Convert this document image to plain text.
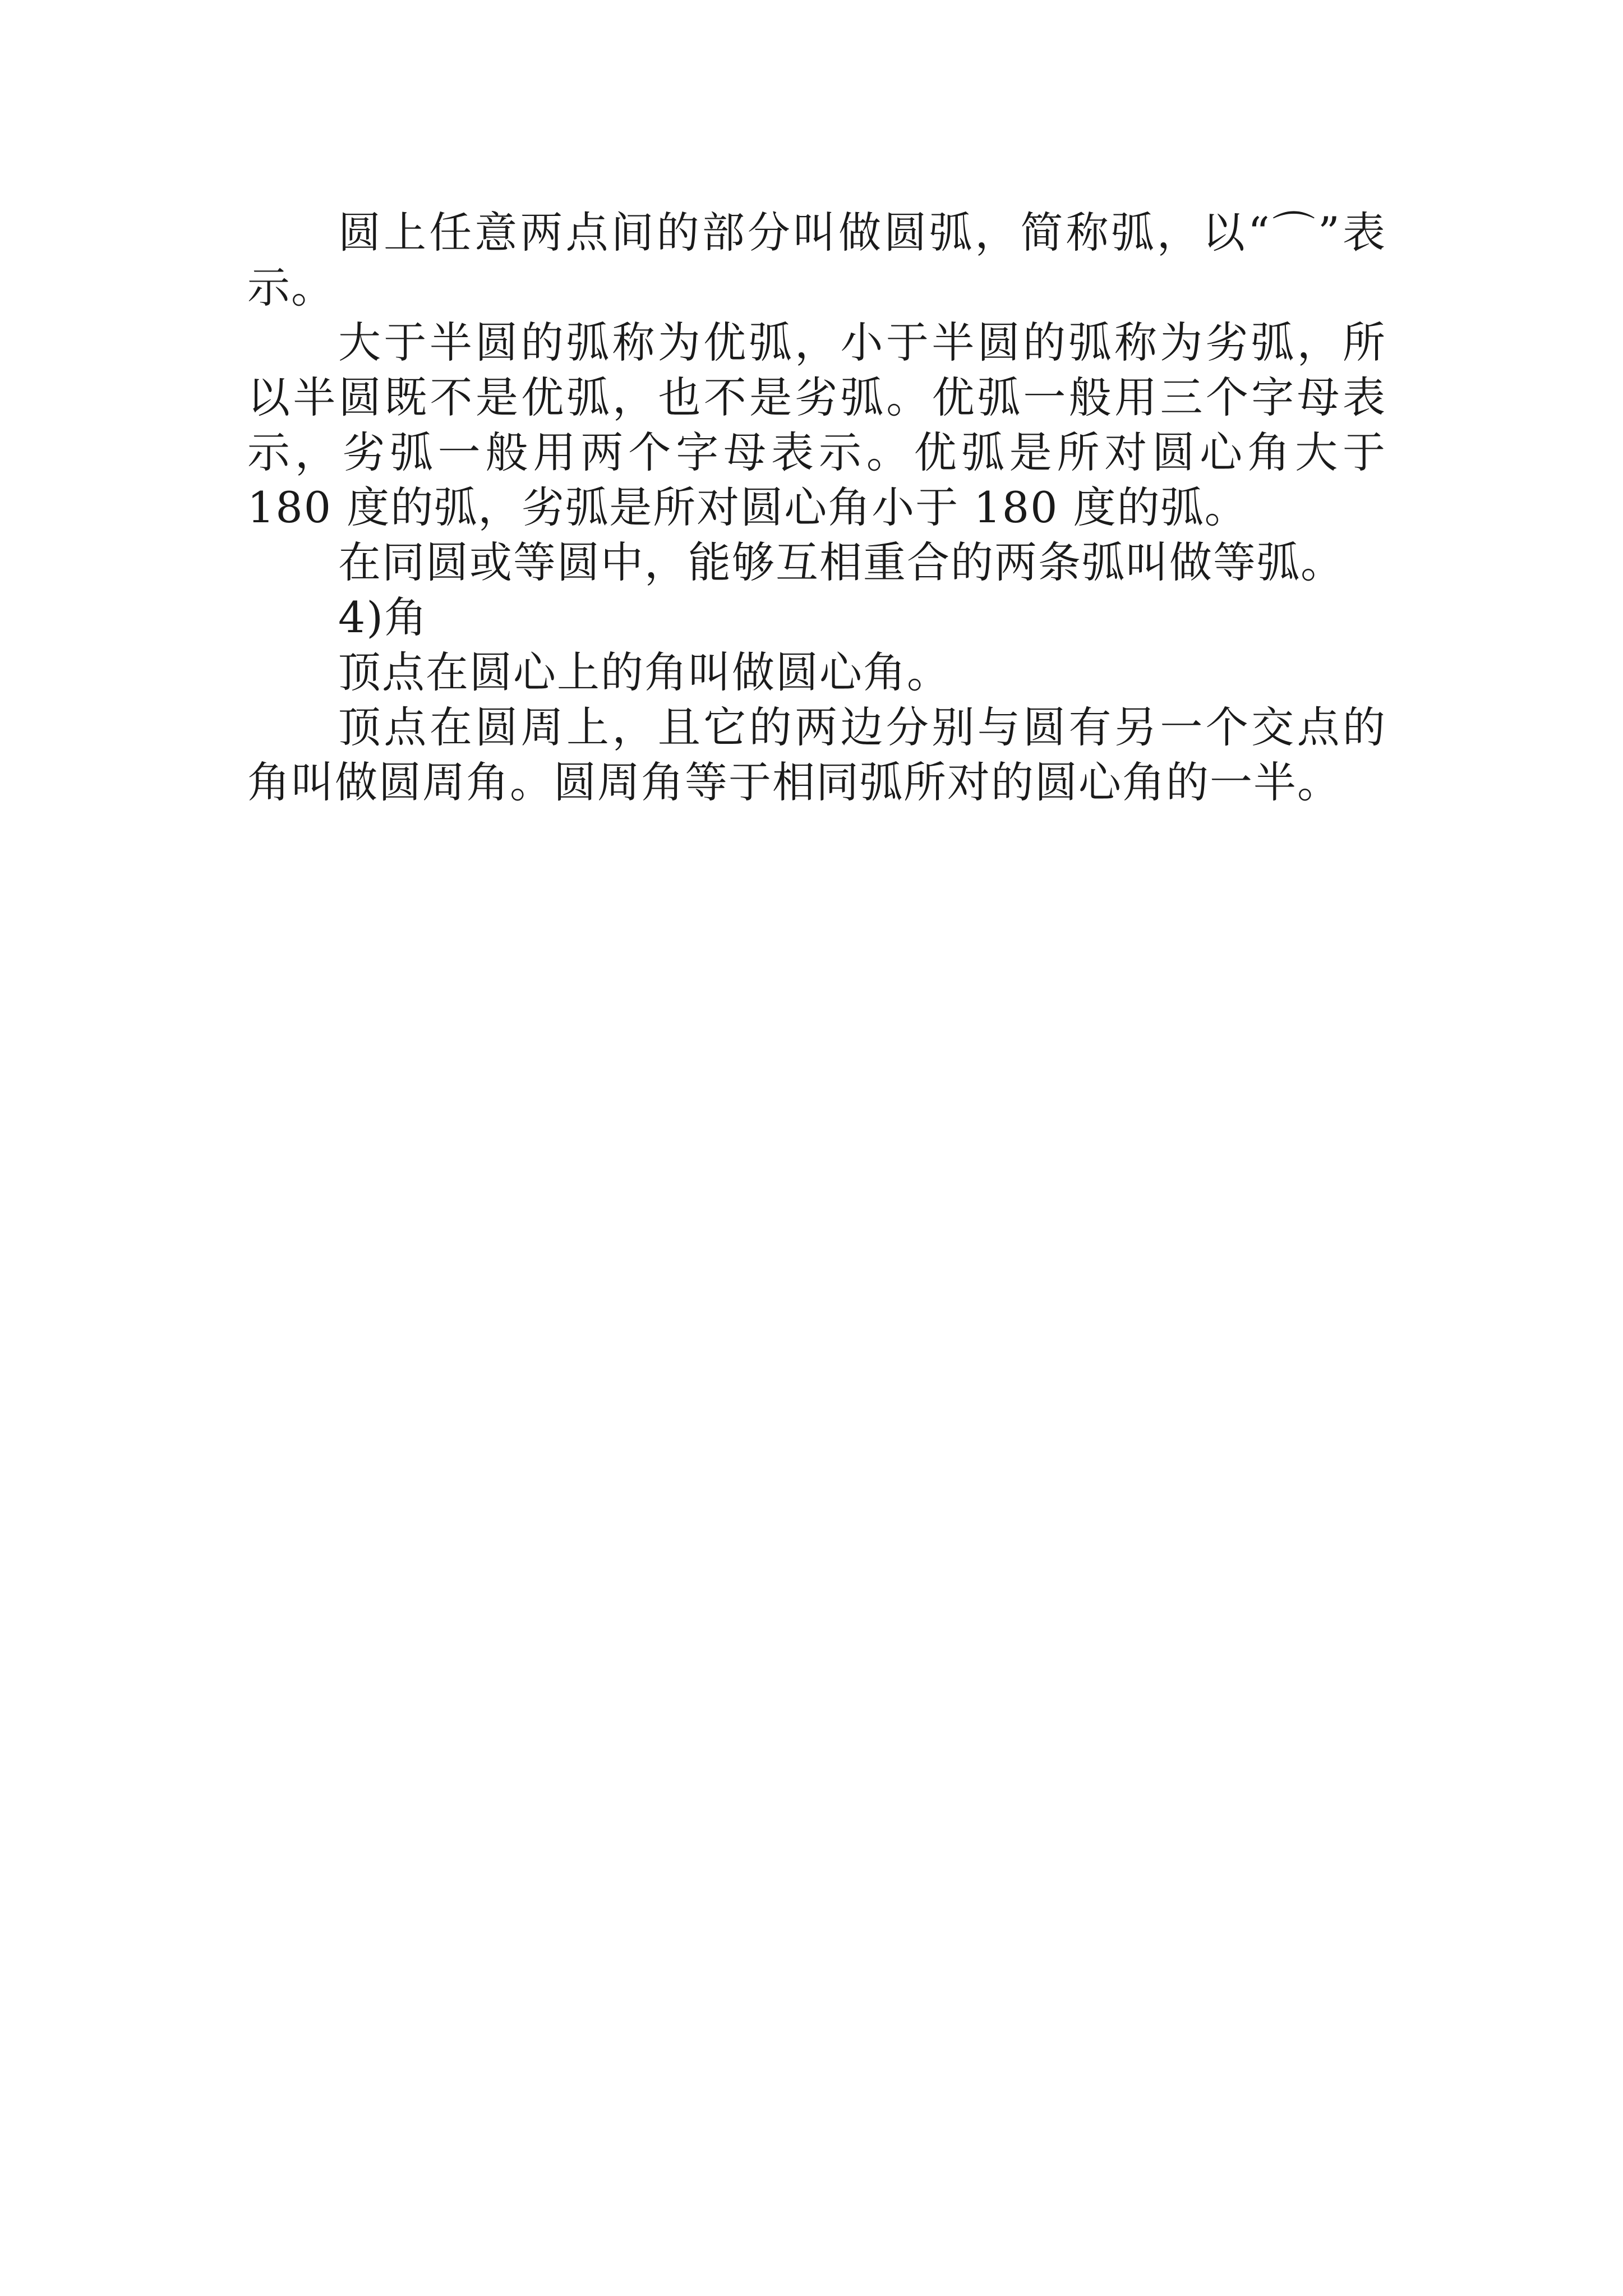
圆上任意两点间的部分叫做圆弧，简称弧，以“⌒”表示。

大于半圆的弧称为优弧，小于半圆的弧称为劣弧，所以半圆既不是优弧，也不是劣弧。优弧一般用三个字母表示，劣弧一般用两个字母表示。优弧是所对圆心角大于 180 度的弧，劣弧是所对圆心角小于 180 度的弧。

在同圆或等圆中，能够互相重合的两条弧叫做等弧。

4)角

顶点在圆心上的角叫做圆心角。

顶点在圆周上，且它的两边分别与圆有另一个交点的角叫做圆周角。圆周角等于相同弧所对的圆心角的一半。
